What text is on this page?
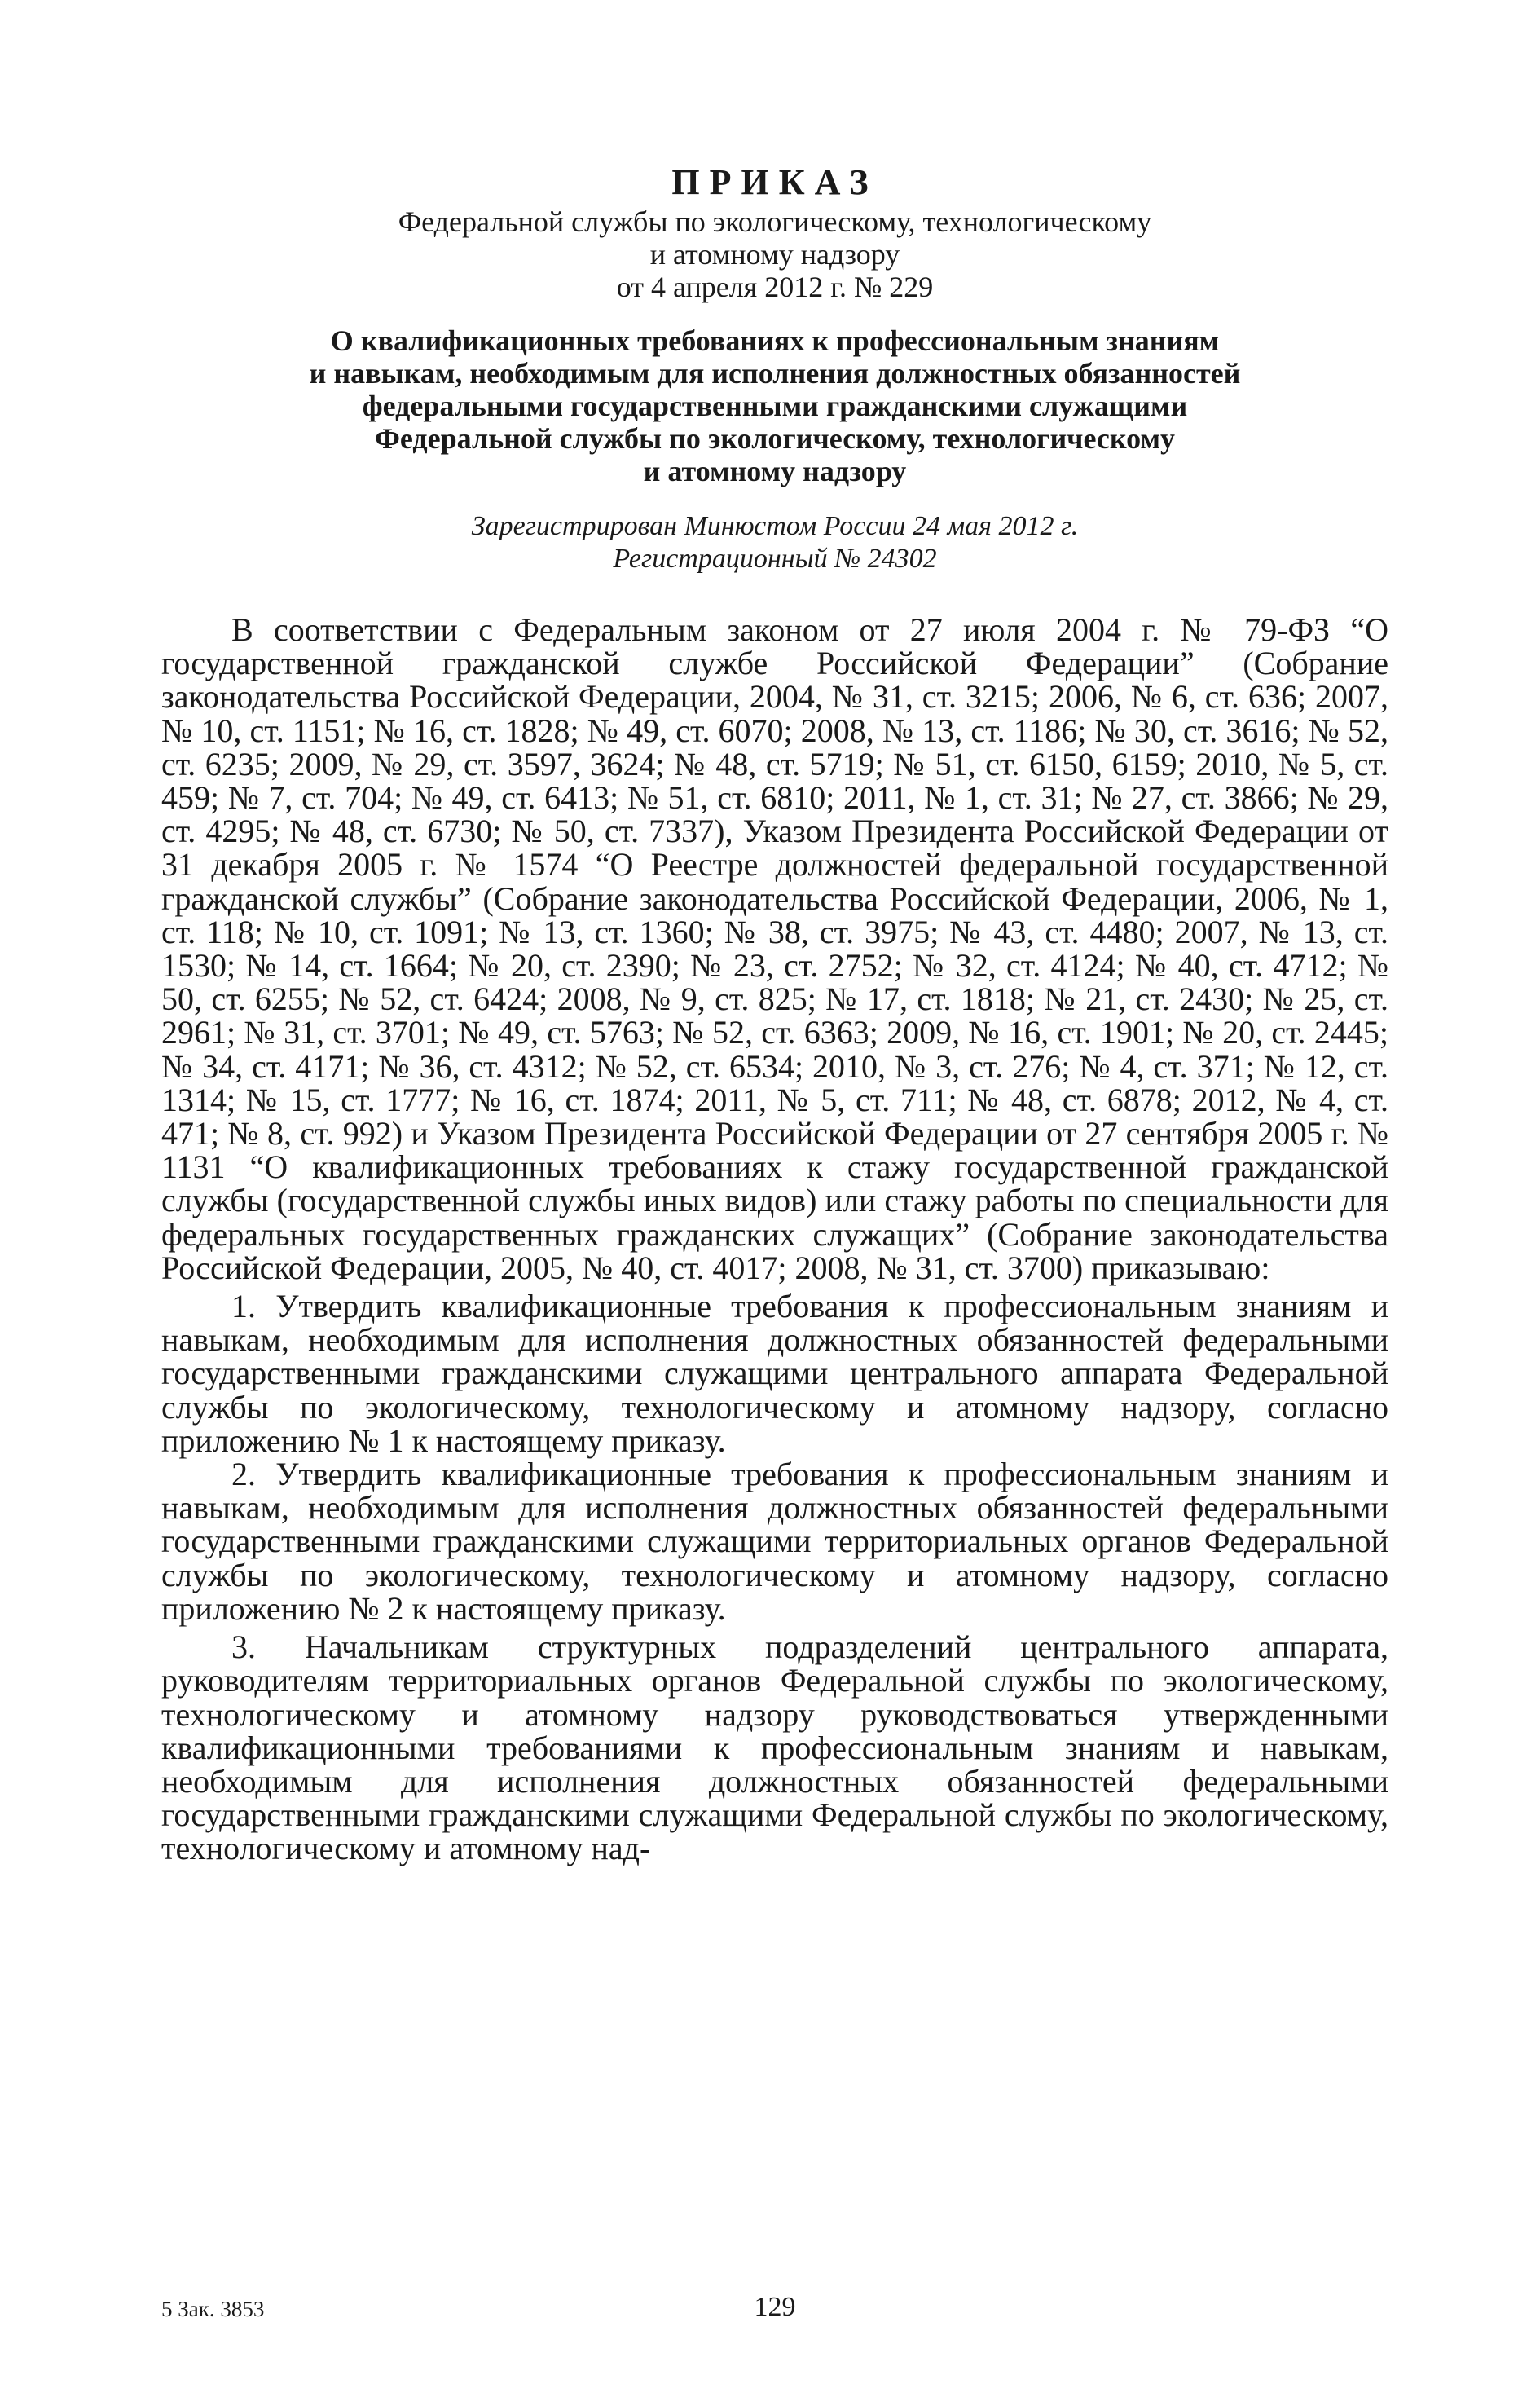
ПРИКАЗ

Федеральной службы по экологическому, технологическому

и атомному надзору

от 4 апреля 2012 г. № 229

О квалификационных требованиях к профессиональным знаниям
и навыкам, необходимым для исполнения должностных обязанностей
федеральными государственными гражданскими служащими
Федеральной службы по экологическому, технологическому
и атомному надзору
Зарегистрирован Минюстом России 24 мая 2012 г.
Регистрационный № 24302

В соответствии с Федеральным законом от 27 июля 2004 г. № 79-ФЗ “О государственной гражданской службе Российской Федерации” (Собрание законодательства Российской Федерации, 2004, № 31, ст. 3215; 2006, № 6, ст. 636; 2007, № 10, ст. 1151; № 16, ст. 1828; № 49, ст. 6070; 2008, № 13, ст. 1186; № 30, ст. 3616; № 52, ст. 6235; 2009, № 29, ст. 3597, 3624; № 48, ст. 5719; № 51, ст. 6150, 6159; 2010, № 5, ст. 459; № 7, ст. 704; № 49, ст. 6413; № 51, ст. 6810; 2011, № 1, ст. 31; № 27, ст. 3866; № 29, ст. 4295; № 48, ст. 6730; № 50, ст. 7337), Указом Президента Российской Федерации от 31 декабря 2005 г. № 1574 “О Реестре должностей федеральной государственной гражданской службы” (Собрание законодательства Российской Федерации, 2006, № 1, ст. 118; № 10, ст. 1091; № 13, ст. 1360; № 38, ст. 3975; № 43, ст. 4480; 2007, № 13, ст. 1530; № 14, ст. 1664; № 20, ст. 2390; № 23, ст. 2752; № 32, ст. 4124; № 40, ст. 4712; № 50, ст. 6255; № 52, ст. 6424; 2008, № 9, ст. 825; № 17, ст. 1818; № 21, ст. 2430; № 25, ст. 2961; № 31, ст. 3701; № 49, ст. 5763; № 52, ст. 6363; 2009, № 16, ст. 1901; № 20, ст. 2445; № 34, ст. 4171; № 36, ст. 4312; № 52, ст. 6534; 2010, № 3, ст. 276; № 4, ст. 371; № 12, ст. 1314; № 15, ст. 1777; № 16, ст. 1874; 2011, № 5, ст. 711; № 48, ст. 6878; 2012, № 4, ст. 471; № 8, ст. 992) и Указом Президента Российской Федерации от 27 сентября 2005 г. № 1131 “О квалификационных требованиях к стажу государственной гражданской службы (государственной службы иных видов) или стажу работы по специальности для федеральных государственных гражданских служащих” (Собрание законодательства Российской Федерации, 2005, № 40, ст. 4017; 2008, № 31, ст. 3700) приказываю:

1. Утвердить квалификационные требования к профессиональным знаниям и навыкам, необходимым для исполнения должностных обязанностей федеральными государственными гражданскими служащими центрального аппарата Федеральной службы по экологическому, технологическому и атомному надзору, согласно приложению № 1 к настоящему приказу.

2. Утвердить квалификационные требования к профессиональным знаниям и навыкам, необходимым для исполнения должностных обязанностей федеральными государственными гражданскими служащими территориальных органов Федеральной службы по экологическому, технологическому и атомному надзору, согласно приложению № 2 к настоящему приказу.

3. Начальникам структурных подразделений центрального аппарата, руководителям территориальных органов Федеральной службы по экологическому, технологическому и атомному надзору руководствоваться утвержденными квалификационными требованиями к профессиональным знаниям и навыкам, необходимым для исполнения должностных обязанностей федеральными государственными гражданскими служащими Федеральной службы по экологическому, технологическому и атомному над-

5 Зак. 3853	129
